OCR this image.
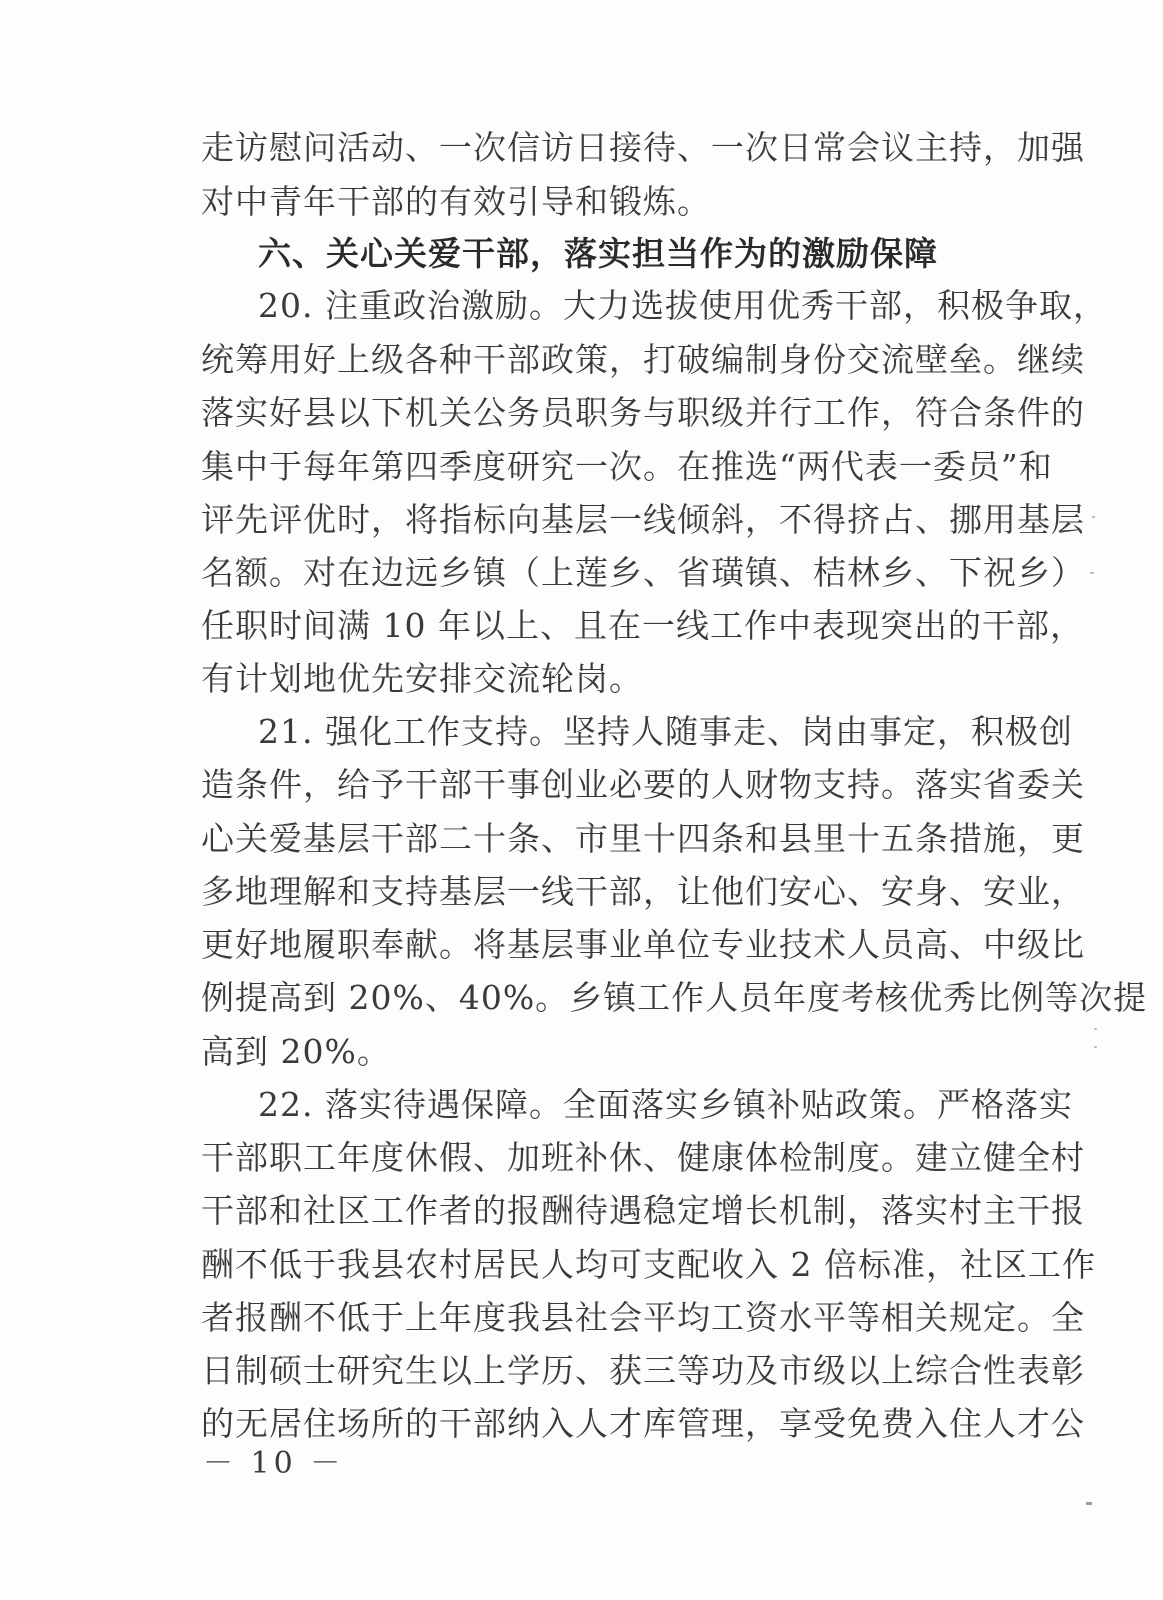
走访慰问活动、一次信访日接待、一次日常会议主持，加强
对中青年干部的有效引导和锻炼。
六、关心关爱干部，落实担当作为的激励保障
20. 注重政治激励。大力选拔使用优秀干部，积极争取，
统筹用好上级各种干部政策，打破编制身份交流壁垒。继续
落实好县以下机关公务员职务与职级并行工作，符合条件的
集中于每年第四季度研究一次。在推选“两代表一委员”和
评先评优时，将指标向基层一线倾斜，不得挤占、挪用基层
名额。对在边远乡镇（上莲乡、省璜镇、桔林乡、下祝乡）
任职时间满 10 年以上、且在一线工作中表现突出的干部，
有计划地优先安排交流轮岗。
21. 强化工作支持。坚持人随事走、岗由事定，积极创
造条件，给予干部干事创业必要的人财物支持。落实省委关
心关爱基层干部二十条、市里十四条和县里十五条措施，更
多地理解和支持基层一线干部，让他们安心、安身、安业，
更好地履职奉献。将基层事业单位专业技术人员高、中级比
例提高到 20%、40%。乡镇工作人员年度考核优秀比例等次提
高到 20%。
22. 落实待遇保障。全面落实乡镇补贴政策。严格落实
干部职工年度休假、加班补休、健康体检制度。建立健全村
干部和社区工作者的报酬待遇稳定增长机制，落实村主干报
酬不低于我县农村居民人均可支配收入 2 倍标准，社区工作
者报酬不低于上年度我县社会平均工资水平等相关规定。全
日制硕士研究生以上学历、获三等功及市级以上综合性表彰
的无居住场所的干部纳入人才库管理，享受免费入住人才公
－ 10 －
